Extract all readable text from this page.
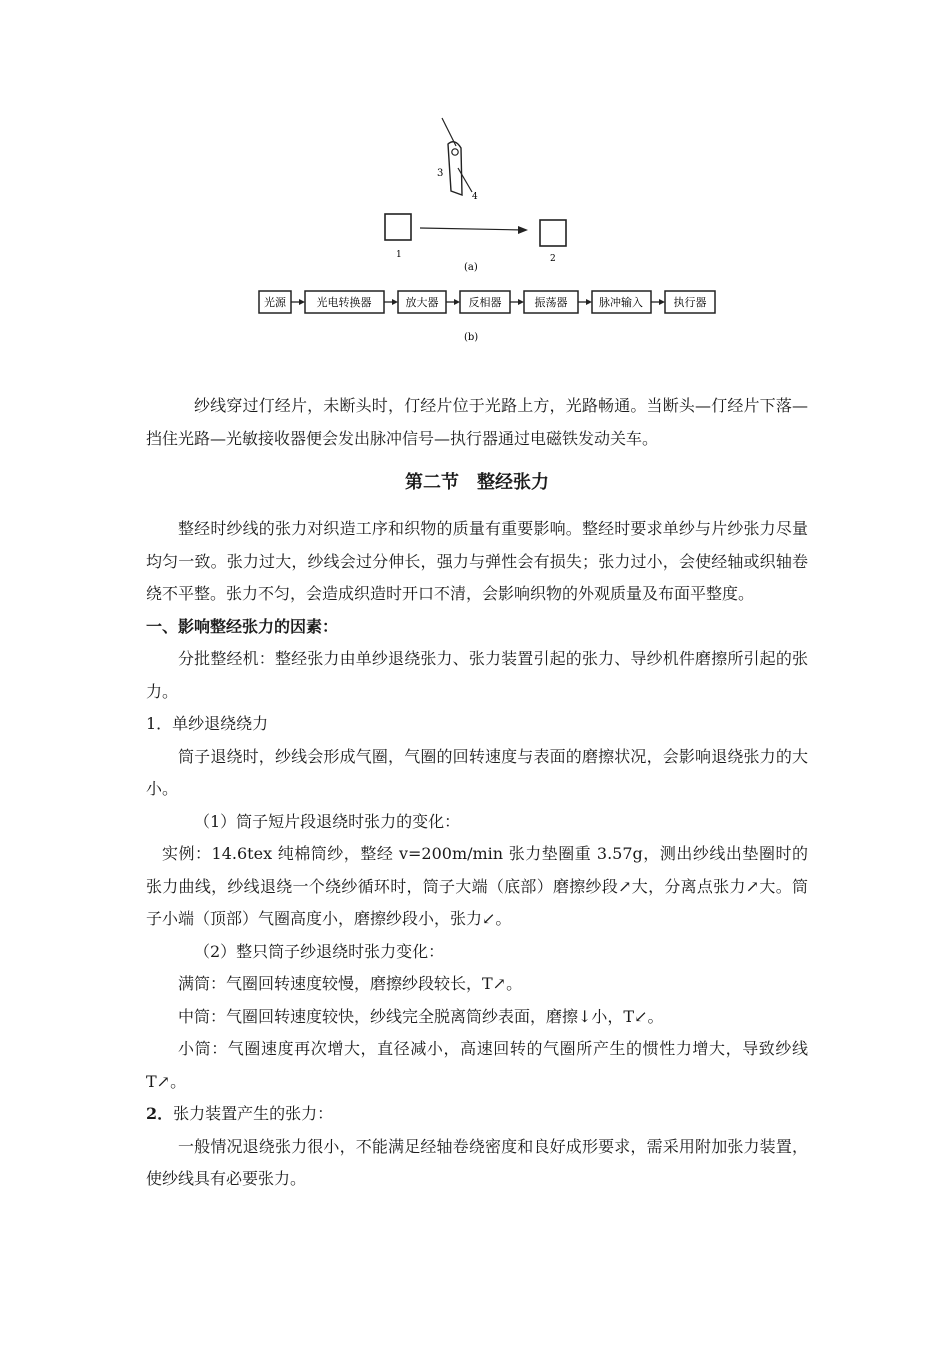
3
4
1	2
(a)
光源	光电转换器	放大器	反相器	振荡器	脉冲输入	执行器
(b)

纱线穿过仃经片，未断头时，仃经片位于光路上方，光路畅通。当断头—仃经片下落—挡住光路—光敏接收器便会发出脉冲信号—执行器通过电磁铁发动关车。

第二节　整经张力

整经时纱线的张力对织造工序和织物的质量有重要影响。整经时要求单纱与片纱张力尽量均匀一致。张力过大，纱线会过分伸长，强力与弹性会有损失；张力过小，会使经轴或织轴卷绕不平整。张力不匀，会造成织造时开口不清，会影响织物的外观质量及布面平整度。

一、影响整经张力的因素：

分批整经机：整经张力由单纱退绕张力、张力装置引起的张力、导纱机件磨擦所引起的张力。

1．单纱退绕绕力

筒子退绕时，纱线会形成气圈，气圈的回转速度与表面的磨擦状况，会影响退绕张力的大小。

（1）筒子短片段退绕时张力的变化：

实例：14.6tex 纯棉筒纱，整经 v=200m/min 张力垫圈重 3.57g，测出纱线出垫圈时的张力曲线，纱线退绕一个绕纱循环时，筒子大端（底部）磨擦纱段↗大，分离点张力↗大。筒子小端（顶部）气圈高度小，磨擦纱段小，张力↙。

（2）整只筒子纱退绕时张力变化：

满筒：气圈回转速度较慢，磨擦纱段较长，T↗。

中筒：气圈回转速度较快，纱线完全脱离筒纱表面，磨擦↓小，T↙。

小筒：气圈速度再次增大，直径减小，高速回转的气圈所产生的惯性力增大，导致纱线 T↗。

2．张力装置产生的张力：

一般情况退绕张力很小，不能满足经轴卷绕密度和良好成形要求，需采用附加张力装置，使纱线具有必要张力。
